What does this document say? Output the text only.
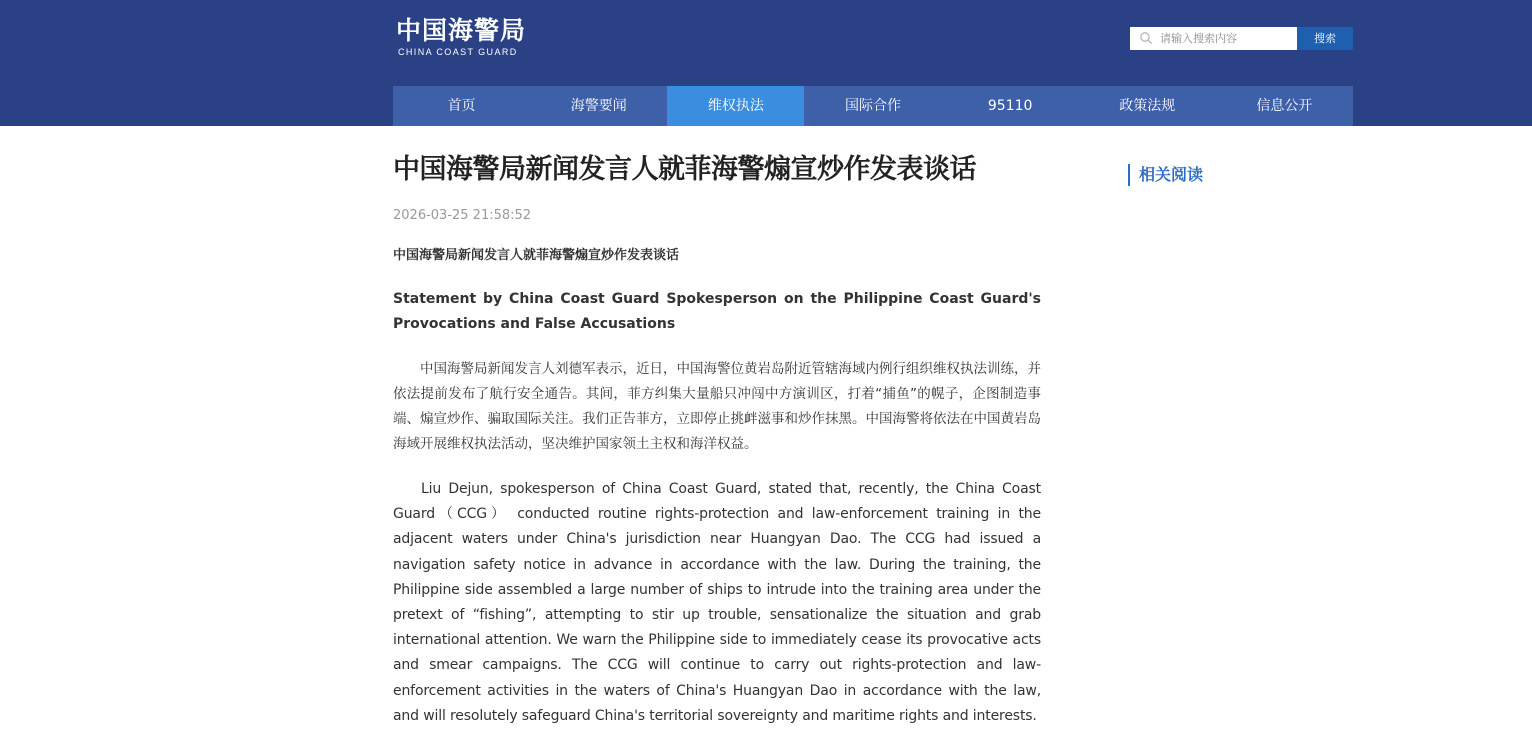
中国海警局
CHINA COAST GUARD
请输入搜索内容
搜索
首页	海警要闻	维权执法	国际合作	95110	政策法规	信息公开
中国海警局新闻发言人就菲海警煽宣炒作发表谈话
2026-03-25 21:58:52
中国海警局新闻发言人就菲海警煽宣炒作发表谈话
Statement by China Coast Guard Spokesperson on the Philippine Coast Guard's Provocations and False Accusations

中国海警局新闻发言人刘德军表示，近日，中国海警位黄岩岛附近管辖海域内例行组织维权执法训练，并依法提前发布了航行安全通告。其间，菲方纠集大量船只冲闯中方演训区，打着“捕鱼”的幌子，企图制造事端、煽宣炒作、骗取国际关注。我们正告菲方，立即停止挑衅滋事和炒作抹黑。中国海警将依法在中国黄岩岛海域开展维权执法活动，坚决维护国家领土主权和海洋权益。

Liu Dejun, spokesperson of China Coast Guard, stated that, recently, the China Coast Guard（CCG） conducted routine rights-protection and law-enforcement training in the adjacent waters under China's jurisdiction near Huangyan Dao. The CCG had issued a navigation safety notice in advance in accordance with the law. During the training, the Philippine side assembled a large number of ships to intrude into the training area under the pretext of “fishing”, attempting to stir up trouble, sensationalize the situation and grab international attention. We warn the Philippine side to immediately cease its provocative acts and smear campaigns. The CCG will continue to carry out rights-protection and law-enforcement activities in the waters of China's Huangyan Dao in accordance with the law, and will resolutely safeguard China's territorial sovereignty and maritime rights and interests.

相关阅读
